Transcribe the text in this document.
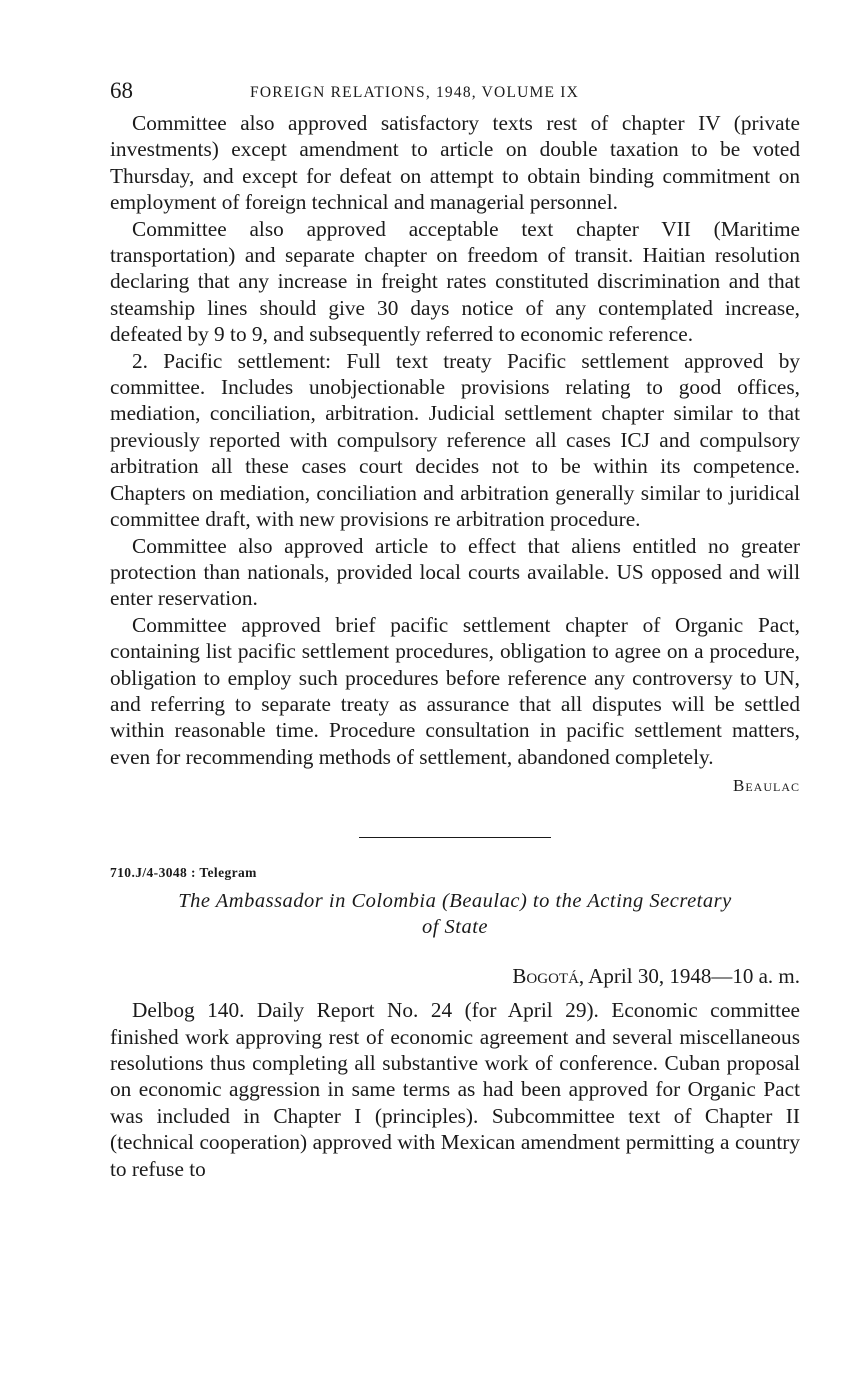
68	FOREIGN RELATIONS, 1948, VOLUME IX

Committee also approved satisfactory texts rest of chapter IV (private investments) except amendment to article on double taxation to be voted Thursday, and except for defeat on attempt to obtain binding commitment on employment of foreign technical and managerial personnel.

Committee also approved acceptable text chapter VII (Maritime transportation) and separate chapter on freedom of transit. Haitian resolution declaring that any increase in freight rates constituted discrimination and that steamship lines should give 30 days notice of any contemplated increase, defeated by 9 to 9, and subsequently referred to economic reference.

2. Pacific settlement: Full text treaty Pacific settlement approved by committee. Includes unobjectionable provisions relating to good offices, mediation, conciliation, arbitration. Judicial settlement chapter similar to that previously reported with compulsory reference all cases ICJ and compulsory arbitration all these cases court decides not to be within its competence. Chapters on mediation, conciliation and arbitration generally similar to juridical committee draft, with new provisions re arbitration procedure.

Committee also approved article to effect that aliens entitled no greater protection than nationals, provided local courts available. US opposed and will enter reservation.

Committee approved brief pacific settlement chapter of Organic Pact, containing list pacific settlement procedures, obligation to agree on a procedure, obligation to employ such procedures before reference any controversy to UN, and referring to separate treaty as assurance that all disputes will be settled within reasonable time. Procedure consultation in pacific settlement matters, even for recommending methods of settlement, abandoned completely.

Beaulac
710.J/4-3048 : Telegram
The Ambassador in Colombia (Beaulac) to the Acting Secretary
of State
Bogotá, April 30, 1948—10 a. m.

Delbog 140. Daily Report No. 24 (for April 29). Economic committee finished work approving rest of economic agreement and several miscellaneous resolutions thus completing all substantive work of conference. Cuban proposal on economic aggression in same terms as had been approved for Organic Pact was included in Chapter I (principles). Subcommittee text of Chapter II (technical cooperation) approved with Mexican amendment permitting a country to refuse to
